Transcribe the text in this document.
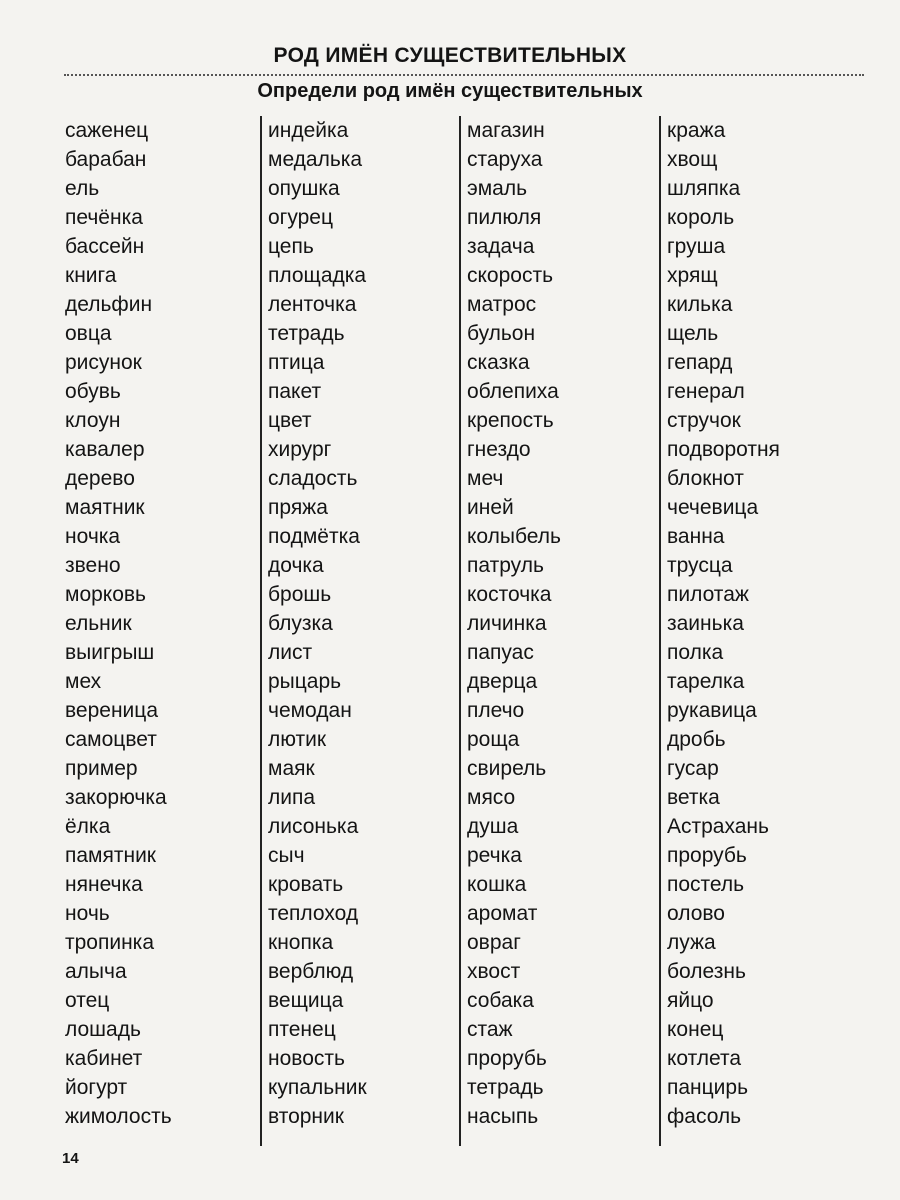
РОД ИМЁН СУЩЕСТВИТЕЛЬНЫХ
Определи род имён существительных
саженец
барабан
ель
печёнка
бассейн
книга
дельфин
овца
рисунок
обувь
клоун
кавалер
дерево
маятник
ночка
звено
морковь
ельник
выигрыш
мех
вереница
самоцвет
пример
закорючка
ёлка
памятник
нянечка
ночь
тропинка
алыча
отец
лошадь
кабинет
йогурт
жимолость
индейка
медалька
опушка
огурец
цепь
площадка
ленточка
тетрадь
птица
пакет
цвет
хирург
сладость
пряжа
подмётка
дочка
брошь
блузка
лист
рыцарь
чемодан
лютик
маяк
липа
лисонька
сыч
кровать
теплоход
кнопка
верблюд
вещица
птенец
новость
купальник
вторник
магазин
старуха
эмаль
пилюля
задача
скорость
матрос
бульон
сказка
облепиха
крепость
гнездо
меч
иней
колыбель
патруль
косточка
личинка
папуас
дверца
плечо
роща
свирель
мясо
душа
речка
кошка
аромат
овраг
хвост
собака
стаж
прорубь
тетрадь
насыпь
кража
хвощ
шляпка
король
груша
хрящ
килька
щель
гепард
генерал
стручок
подворотня
блокнот
чечевица
ванна
трусца
пилотаж
заинька
полка
тарелка
рукавица
дробь
гусар
ветка
Астрахань
прорубь
постель
олово
лужа
болезнь
яйцо
конец
котлета
панцирь
фасоль
14
